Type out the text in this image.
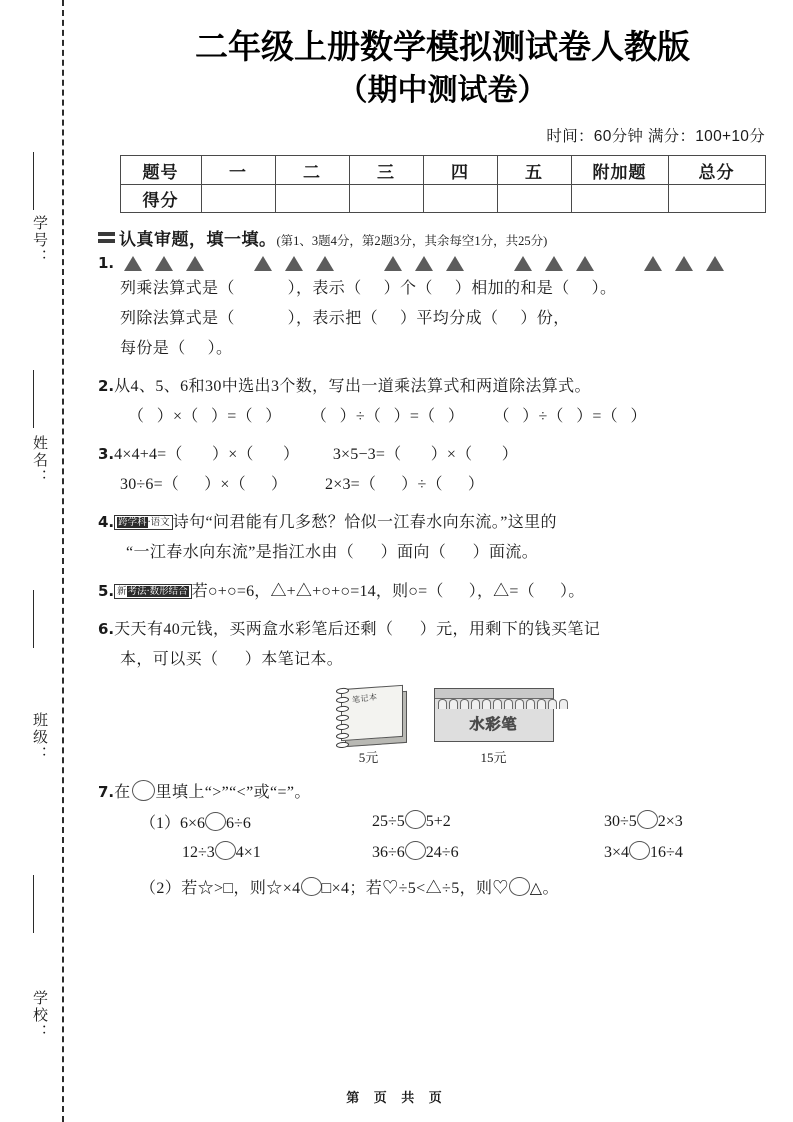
学号：
姓名：
班级：
学校：
二年级上册数学模拟测试卷人教版
（期中测试卷）
时间：60分钟 满分：100+10分
题号	一	二	三	四	五	附加题	总分
得分							
认真审题，填一填。 (第1、3题4分，第2题3分，其余每空1分，共25分)
1.
列乘法算式是（            ），表示（     ）个（     ）相加的和是（     ）。
列除法算式是（            ），表示把（     ）平均分成（     ）份，
每份是（     ）。
2.从4、5、6和30中选出3个数，写出一道乘法算式和两道除法算式。
（   ）×（   ）=（   ）       （   ）÷（   ）=（   ）       （   ）÷（   ）=（   ）
3.4×4+4=（       ）×（       ）        3×5−3=（       ）×（       ）
30÷6=（      ）×（      ）         2×3=（      ）÷（      ）
4. 跨学科·语文 诗句“问君能有几多愁？恰似一江春水向东流。”这里的
“一江春水向东流”是指江水由（      ）面向（      ）面流。
5. 新考法·数形结合 若○+○=6，△+△+○+○=14，则○=（      ），△=（      ）。
6.天天有40元钱，买两盒水彩笔后还剩（      ）元，用剩下的钱买笔记
本，可以买（      ）本笔记本。
笔记本
5元
水彩笔
15元
7.在 里填上“>”“<”或“=”。
（1）6×6 6÷6	25÷5 5+2	30÷5 2×3
12÷3 4×1	36÷6 24÷6	3×4 16÷4
（2）若☆>□，则☆×4 □×4；若♡÷5<△÷5，则♡ △。
第 页 共 页
